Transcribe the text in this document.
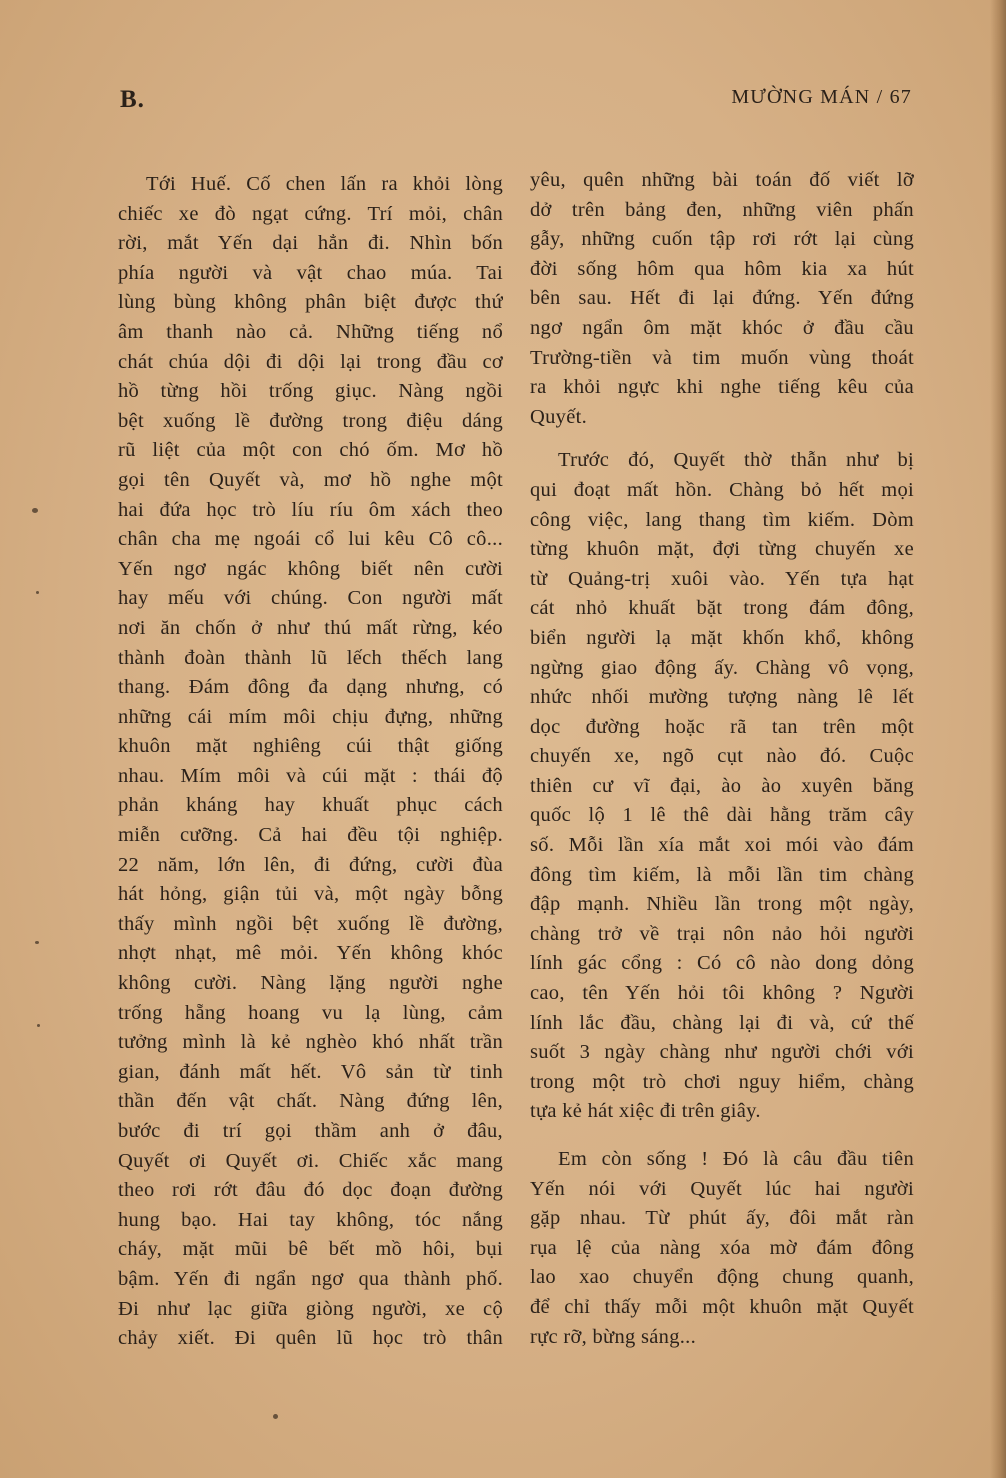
B.	MƯỜNG MÁN / 67
Tới Huế. Cố chen lấn ra khỏi lòng
chiếc xe đò ngạt cứng. Trí mỏi, chân
rời, mắt Yến dại hẳn đi. Nhìn bốn
phía người và vật chao múa. Tai
lùng bùng không phân biệt được thứ
âm thanh nào cả. Những tiếng nổ
chát chúa dội đi dội lại trong đầu cơ
hồ từng hồi trống giục. Nàng ngồi
bệt xuống lề đường trong điệu dáng
rũ liệt của một con chó ốm. Mơ hồ
gọi tên Quyết và, mơ hồ nghe một
hai đứa học trò líu ríu ôm xách theo
chân cha mẹ ngoái cổ lui kêu Cô cô...
Yến ngơ ngác không biết nên cười
hay mếu với chúng. Con người mất
nơi ăn chốn ở như thú mất rừng, kéo
thành đoàn thành lũ lếch thếch lang
thang. Đám đông đa dạng nhưng, có
những cái mím môi chịu đựng, những
khuôn mặt nghiêng cúi thật giống
nhau. Mím môi và cúi mặt : thái độ
phản kháng hay khuất phục cách
miễn cưỡng. Cả hai đều tội nghiệp.
22 năm, lớn lên, đi đứng, cười đùa
hát hỏng, giận tủi và, một ngày bỗng
thấy mình ngồi bệt xuống lề đường,
nhợt nhạt, mê mỏi. Yến không khóc
không cười. Nàng lặng người nghe
trống hẵng hoang vu lạ lùng, cảm
tưởng mình là kẻ nghèo khó nhất trần
gian, đánh mất hết. Vô sản từ tinh
thần đến vật chất. Nàng đứng lên,
bước đi trí gọi thầm anh ở đâu,
Quyết ơi Quyết ơi. Chiếc xắc mang
theo rơi rớt đâu đó dọc đoạn đường
hung bạo. Hai tay không, tóc nắng
cháy, mặt mũi bê bết mồ hôi, bụi
bậm. Yến đi ngẩn ngơ qua thành phố.
Đi như lạc giữa giòng người, xe cộ
chảy xiết. Đi quên lũ học trò thân
yêu, quên những bài toán đố viết lỡ
dở trên bảng đen, những viên phấn
gẫy, những cuốn tập rơi rớt lại cùng
đời sống hôm qua hôm kia xa hút
bên sau. Hết đi lại đứng. Yến đứng
ngơ ngẩn ôm mặt khóc ở đầu cầu
Trường-tiền và tim muốn vùng thoát
ra khỏi ngực khi nghe tiếng kêu của
Quyết.
Trước đó, Quyết thờ thẫn như bị
qui đoạt mất hồn. Chàng bỏ hết mọi
công việc, lang thang tìm kiếm. Dòm
từng khuôn mặt, đợi từng chuyến xe
từ Quảng-trị xuôi vào. Yến tựa hạt
cát nhỏ khuất bặt trong đám đông,
biển người lạ mặt khốn khổ, không
ngừng giao động ấy. Chàng vô vọng,
nhức nhối mường tượng nàng lê lết
dọc đường hoặc rã tan trên một
chuyến xe, ngõ cụt nào đó. Cuộc
thiên cư vĩ đại, ào ào xuyên băng
quốc lộ 1 lê thê dài hằng trăm cây
số. Mỗi lần xía mắt xoi mói vào đám
đông tìm kiếm, là mỗi lần tim chàng
đập mạnh. Nhiều lần trong một ngày,
chàng trở về trại nôn nảo hỏi người
lính gác cổng : Có cô nào dong dỏng
cao, tên Yến hỏi tôi không ? Người
lính lắc đầu, chàng lại đi và, cứ thế
suốt 3 ngày chàng như người chới với
trong một trò chơi nguy hiểm, chàng
tựa kẻ hát xiệc đi trên giây.
Em còn sống ! Đó là câu đầu tiên
Yến nói với Quyết lúc hai người
gặp nhau. Từ phút ấy, đôi mắt ràn
rụa lệ của nàng xóa mờ đám đông
lao xao chuyển động chung quanh,
để chỉ thấy mỗi một khuôn mặt Quyết
rực rỡ, bừng sáng...
